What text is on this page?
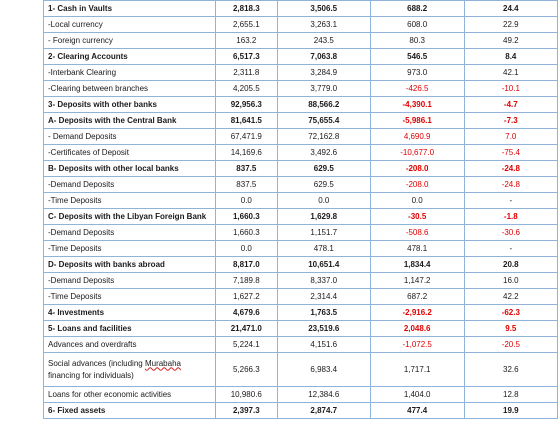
1- Cash in Vaults	2,818.3	3,506.5	688.2	24.4
-Local currency	2,655.1	3,263.1	608.0	22.9
- Foreign currency	163.2	243.5	80.3	49.2
2- Clearing Accounts	6,517.3	7,063.8	546.5	8.4
-Interbank Clearing	2,311.8	3,284.9	973.0	42.1
-Clearing between branches	4,205.5	3,779.0	-426.5	-10.1
3- Deposits with other banks	92,956.3	88,566.2	-4,390.1	-4.7
A- Deposits with the Central Bank	81,641.5	75,655.4	-5,986.1	-7.3
- Demand Deposits	67,471.9	72,162.8	4,690.9	7.0
-Certificates of Deposit	14,169.6	3,492.6	-10,677.0	-75.4
B- Deposits with other local banks	837.5	629.5	-208.0	-24.8
-Demand Deposits	837.5	629.5	-208.0	-24.8
-Time Deposits	0.0	0.0	0.0	-
C- Deposits with the Libyan Foreign Bank	1,660.3	1,629.8	-30.5	-1.8
-Demand Deposits	1,660.3	1,151.7	-508.6	-30.6
-Time Deposits	0.0	478.1	478.1	-
D- Deposits with banks abroad	8,817.0	10,651.4	1,834.4	20.8
-Demand Deposits	7,189.8	8,337.0	1,147.2	16.0
-Time Deposits	1,627.2	2,314.4	687.2	42.2
4- Investments	4,679.6	1,763.5	-2,916.2	-62.3
5- Loans and facilities	21,471.0	23,519.6	2,048.6	9.5
Advances and overdrafts	5,224.1	4,151.6	-1,072.5	-20.5
Social advances (including Murabaha financing for individuals)	5,266.3	6,983.4	1,717.1	32.6
Loans for other economic activities	10,980.6	12,384.6	1,404.0	12.8
6- Fixed assets	2,397.3	2,874.7	477.4	19.9
